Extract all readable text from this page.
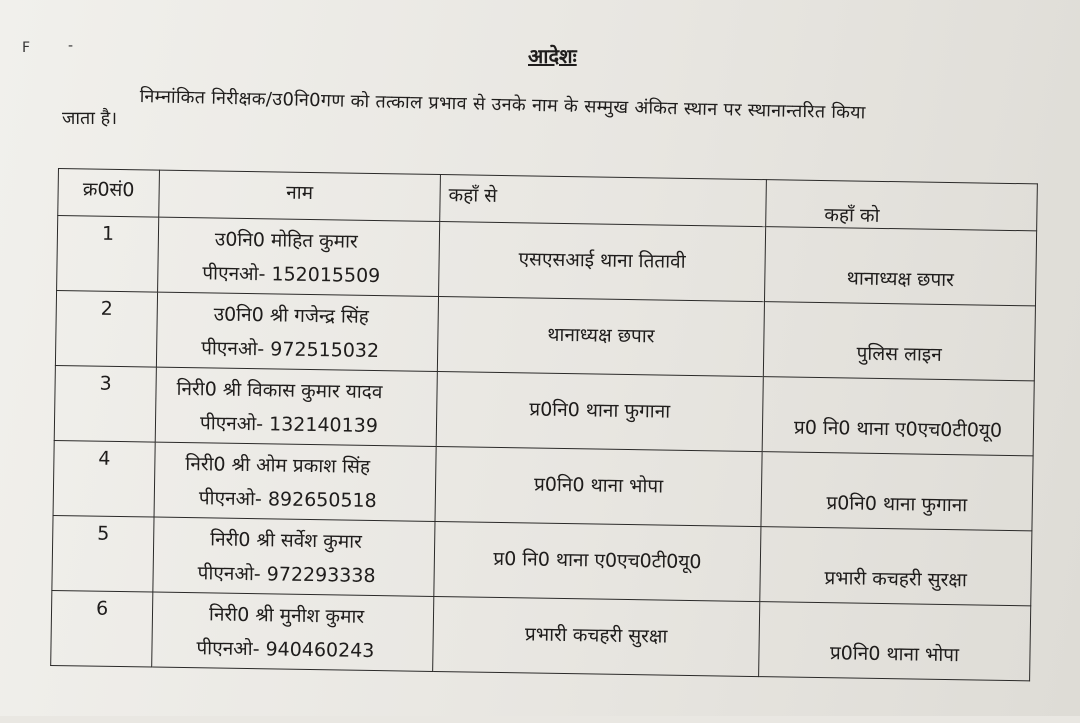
F	-	आदेशः
निम्नांकित निरीक्षक/उ0नि0गण को तत्काल प्रभाव से उनके नाम के सम्मुख अंकित स्थान पर स्थानान्तरित किया
जाता है।
क्र0सं0	नाम	कहाँ से	कहाँ को

1	उ0नि0 मोहित कुमार
पीएनओ- 152015509	एसएसआई थाना तितावी	थानाध्यक्ष छपार

2	उ0नि0 श्री गजेन्द्र सिंह
पीएनओ- 972515032	थानाध्यक्ष छपार	पुलिस लाइन

3	निरी0 श्री विकास कुमार यादव
पीएनओ- 132140139	प्र0नि0 थाना फुगाना	प्र0 नि0 थाना ए0एच0टी0यू0

4	निरी0 श्री ओम प्रकाश सिंह
पीएनओ- 892650518	प्र0नि0 थाना भोपा	प्र0नि0 थाना फुगाना

5	निरी0 श्री सर्वेश कुमार
पीएनओ- 972293338	प्र0 नि0 थाना ए0एच0टी0यू0	प्रभारी कचहरी सुरक्षा

6	निरी0 श्री मुनीश कुमार
पीएनओ- 940460243	प्रभारी कचहरी सुरक्षा	प्र0नि0 थाना भोपा
